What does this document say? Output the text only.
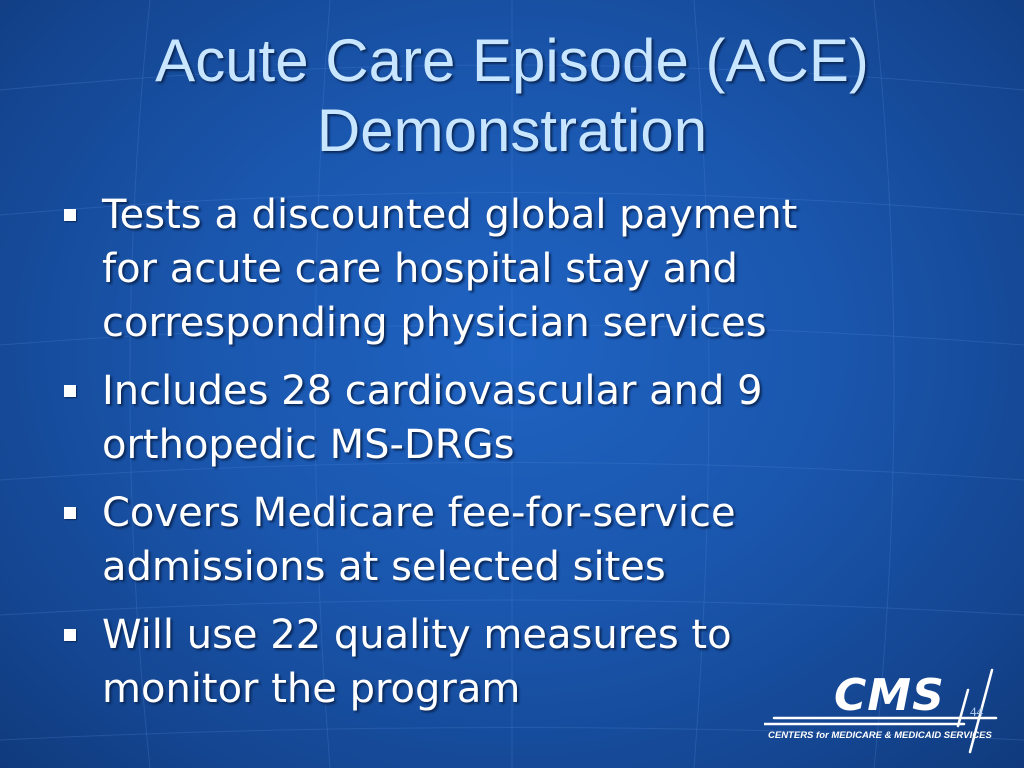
Acute Care Episode (ACE)
Demonstration
Tests a discounted global payment
for acute care hospital stay and
corresponding physician services
Includes 28 cardiovascular and 9
orthopedic MS-DRGs
Covers Medicare fee-for-service
admissions at selected sites
Will use 22 quality measures to
monitor the program	CMS
CENTERS for MEDICARE & MEDICAID SERVICES
44
